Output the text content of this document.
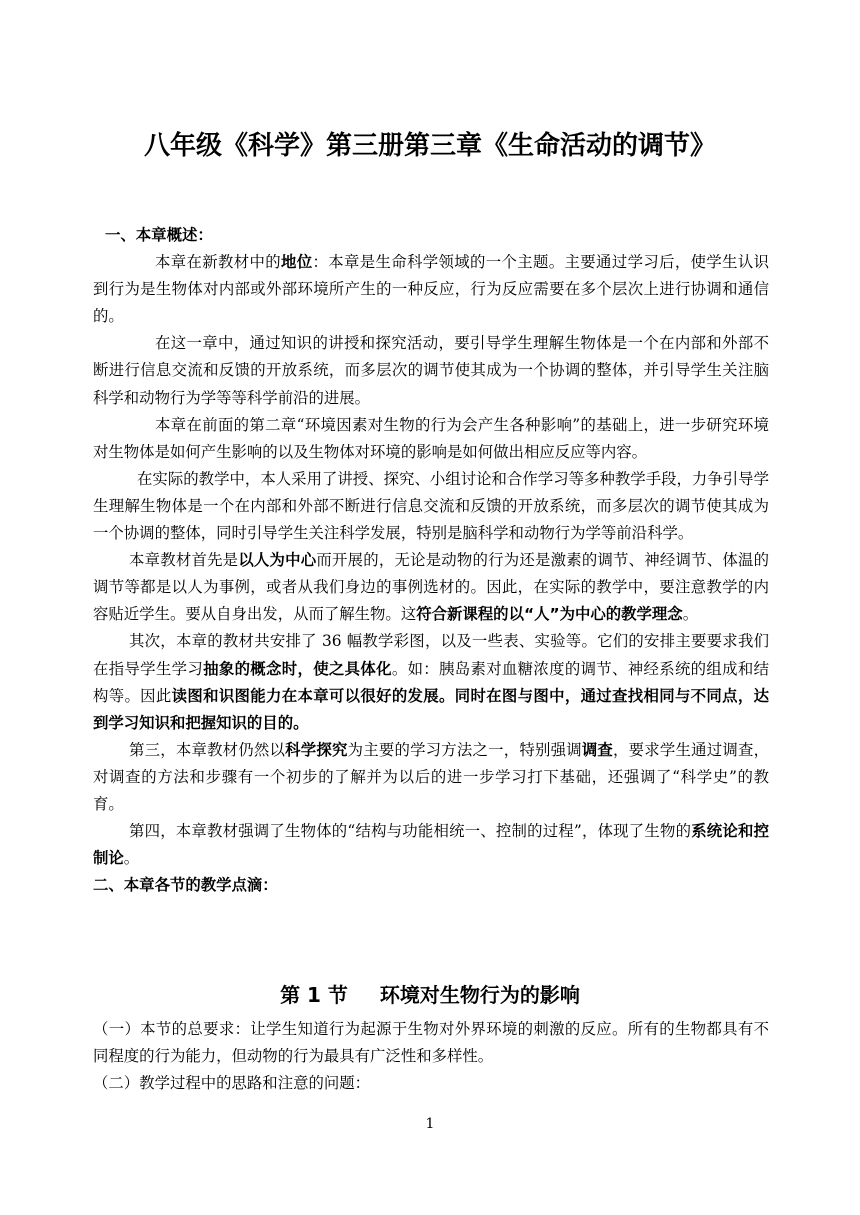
八年级《科学》第三册第三章《生命活动的调节》

一、本章概述：

本章在新教材中的地位：本章是生命科学领域的一个主题。主要通过学习后，使学生认识到行为是生物体对内部或外部环境所产生的一种反应，行为反应需要在多个层次上进行协调和通信的。

在这一章中，通过知识的讲授和探究活动，要引导学生理解生物体是一个在内部和外部不断进行信息交流和反馈的开放系统，而多层次的调节使其成为一个协调的整体，并引导学生关注脑科学和动物行为学等等科学前沿的进展。

本章在前面的第二章“环境因素对生物的行为会产生各种影响”的基础上，进一步研究环境对生物体是如何产生影响的以及生物体对环境的影响是如何做出相应反应等内容。

在实际的教学中，本人采用了讲授、探究、小组讨论和合作学习等多种教学手段，力争引导学生理解生物体是一个在内部和外部不断进行信息交流和反馈的开放系统，而多层次的调节使其成为一个协调的整体，同时引导学生关注科学发展，特别是脑科学和动物行为学等前沿科学。

本章教材首先是以人为中心而开展的，无论是动物的行为还是激素的调节、神经调节、体温的调节等都是以人为事例，或者从我们身边的事例选材的。因此，在实际的教学中，要注意教学的内容贴近学生。要从自身出发，从而了解生物。这符合新课程的以“人”为中心的教学理念。

其次，本章的教材共安排了 36 幅教学彩图，以及一些表、实验等。它们的安排主要要求我们在指导学生学习抽象的概念时，使之具体化。如：胰岛素对血糖浓度的调节、神经系统的组成和结构等。因此读图和识图能力在本章可以很好的发展。同时在图与图中，通过查找相同与不同点，达到学习知识和把握知识的目的。

第三，本章教材仍然以科学探究为主要的学习方法之一，特别强调调查，要求学生通过调查，对调查的方法和步骤有一个初步的了解并为以后的进一步学习打下基础，还强调了“科学史”的教育。

第四，本章教材强调了生物体的“结构与功能相统一、控制的过程”，体现了生物的系统论和控制论。

二、本章各节的教学点滴：

第 1 节 环境对生物行为的影响

（一）本节的总要求：让学生知道行为起源于生物对外界环境的刺激的反应。所有的生物都具有不同程度的行为能力，但动物的行为最具有广泛性和多样性。

（二）教学过程中的思路和注意的问题：

1
